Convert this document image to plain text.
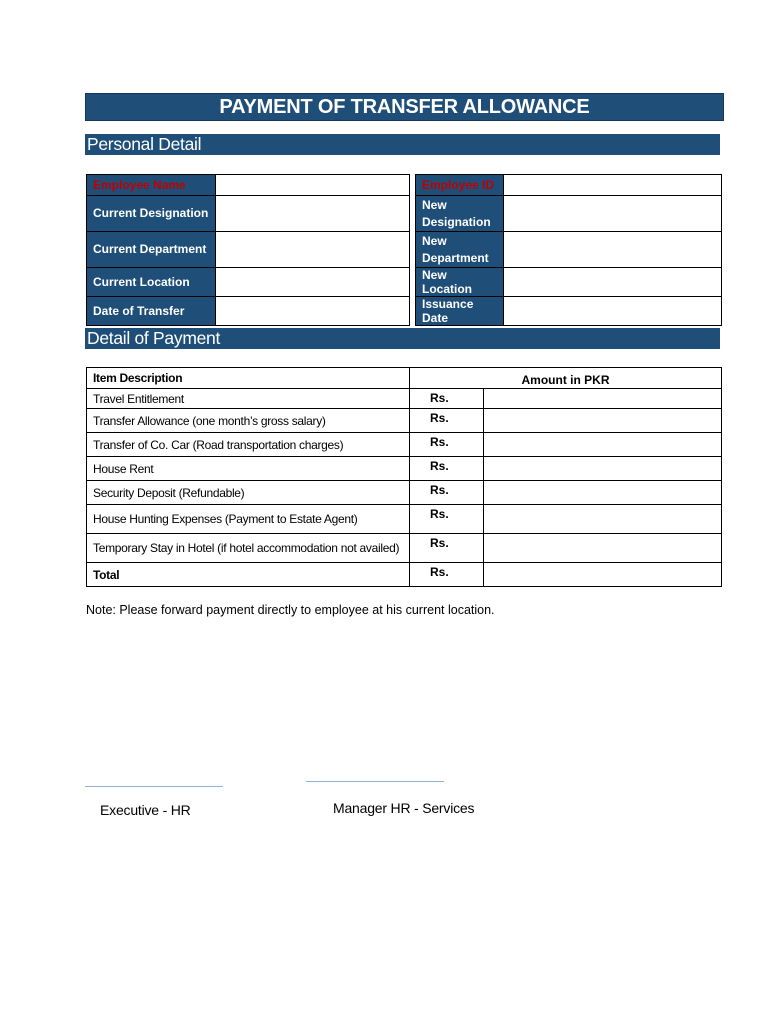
PAYMENT OF TRANSFER ALLOWANCE
Personal Detail
Employee Name			Employee ID	
Current Designation			New Designation	
Current Department			New Department	
Current Location			New Location	
Date of Transfer			Issuance Date	
Detail of Payment
Item Description	Amount in PKR	
Travel Entitlement	Rs.	
Transfer Allowance (one month’s gross salary)	Rs.	
Transfer of Co. Car (Road transportation charges)	Rs.	
House Rent	Rs.	
Security Deposit (Refundable)	Rs.	
House Hunting Expenses (Payment to Estate Agent)	Rs.	
Temporary Stay in Hotel (if hotel accommodation not availed)	Rs.	
Total	Rs.	
Note: Please forward payment directly to employee at his current location.
Executive - HR	Manager HR - Services
